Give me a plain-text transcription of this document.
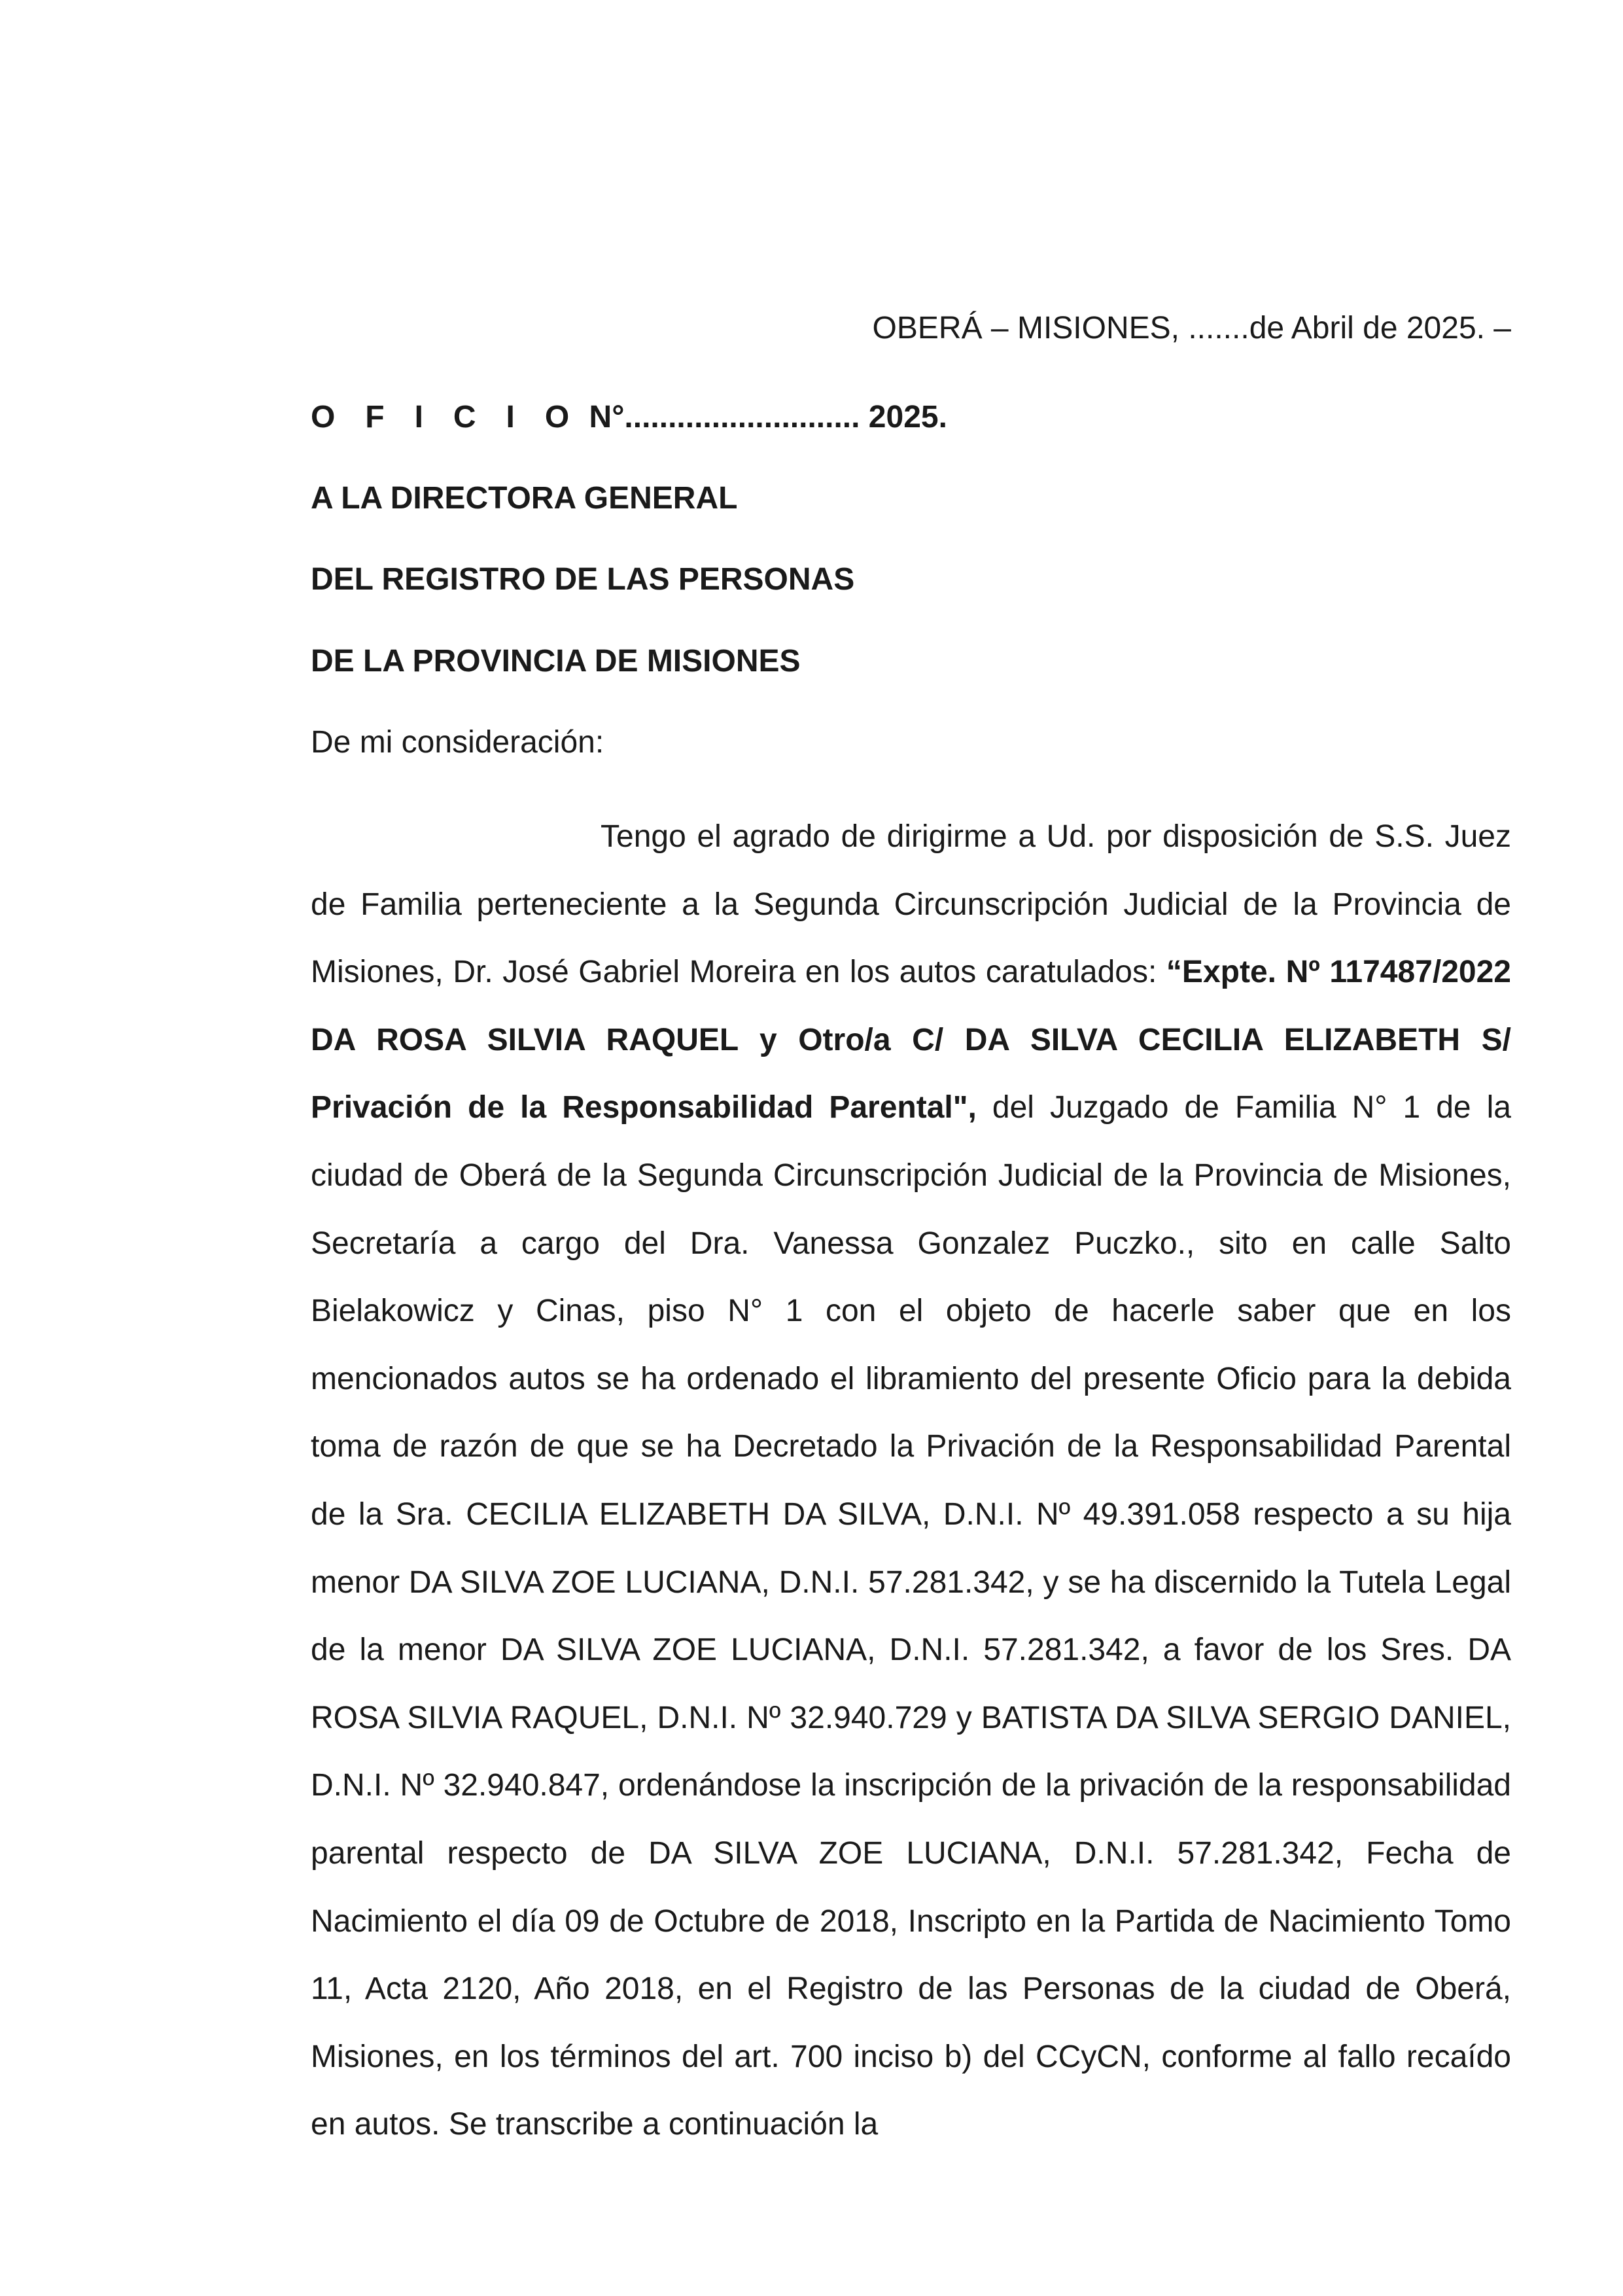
OBERÁ – MISIONES, .......de Abril de 2025. –
O F I C I O N°........................... 2025.
A LA DIRECTORA GENERAL
DEL REGISTRO DE LAS PERSONAS
DE LA PROVINCIA DE MISIONES
De mi consideración:
Tengo el agrado de dirigirme a Ud. por disposición de S.S. Juez de Familia perteneciente a la Segunda Circunscripción Judicial de la Provincia de Misiones, Dr. José Gabriel Moreira en los autos caratulados: “Expte. Nº 117487/2022 DA ROSA SILVIA RAQUEL y Otro/a C/ DA SILVA CECILIA ELIZABETH S/ Privación de la Responsabilidad Parental", del Juzgado de Familia N° 1 de la ciudad de Oberá de la Segunda Circunscripción Judicial de la Provincia de Misiones, Secretaría a cargo del Dra. Vanessa Gonzalez Puczko., sito en calle Salto Bielakowicz y Cinas, piso N° 1 con el objeto de hacerle saber que en los mencionados autos se ha ordenado el libramiento del presente Oficio para la debida toma de razón de que se ha Decretado la Privación de la Responsabilidad Parental de la Sra. CECILIA ELIZABETH DA SILVA, D.N.I. Nº 49.391.058 respecto a su hija menor DA SILVA ZOE LUCIANA, D.N.I. 57.281.342, y se ha discernido la Tutela Legal de la menor DA SILVA ZOE LUCIANA, D.N.I. 57.281.342, a favor de los Sres. DA ROSA SILVIA RAQUEL, D.N.I. Nº 32.940.729 y BATISTA DA SILVA SERGIO DANIEL, D.N.I. Nº 32.940.847, ordenándose la inscripción de la privación de la responsabilidad parental respecto de DA SILVA ZOE LUCIANA, D.N.I. 57.281.342, Fecha de Nacimiento el día 09 de Octubre de 2018, Inscripto en la Partida de Nacimiento Tomo 11, Acta 2120, Año 2018, en el Registro de las Personas de la ciudad de Oberá, Misiones, en los términos del art. 700 inciso b) del CCyCN, conforme al fallo recaído en autos. Se transcribe a continuación la
